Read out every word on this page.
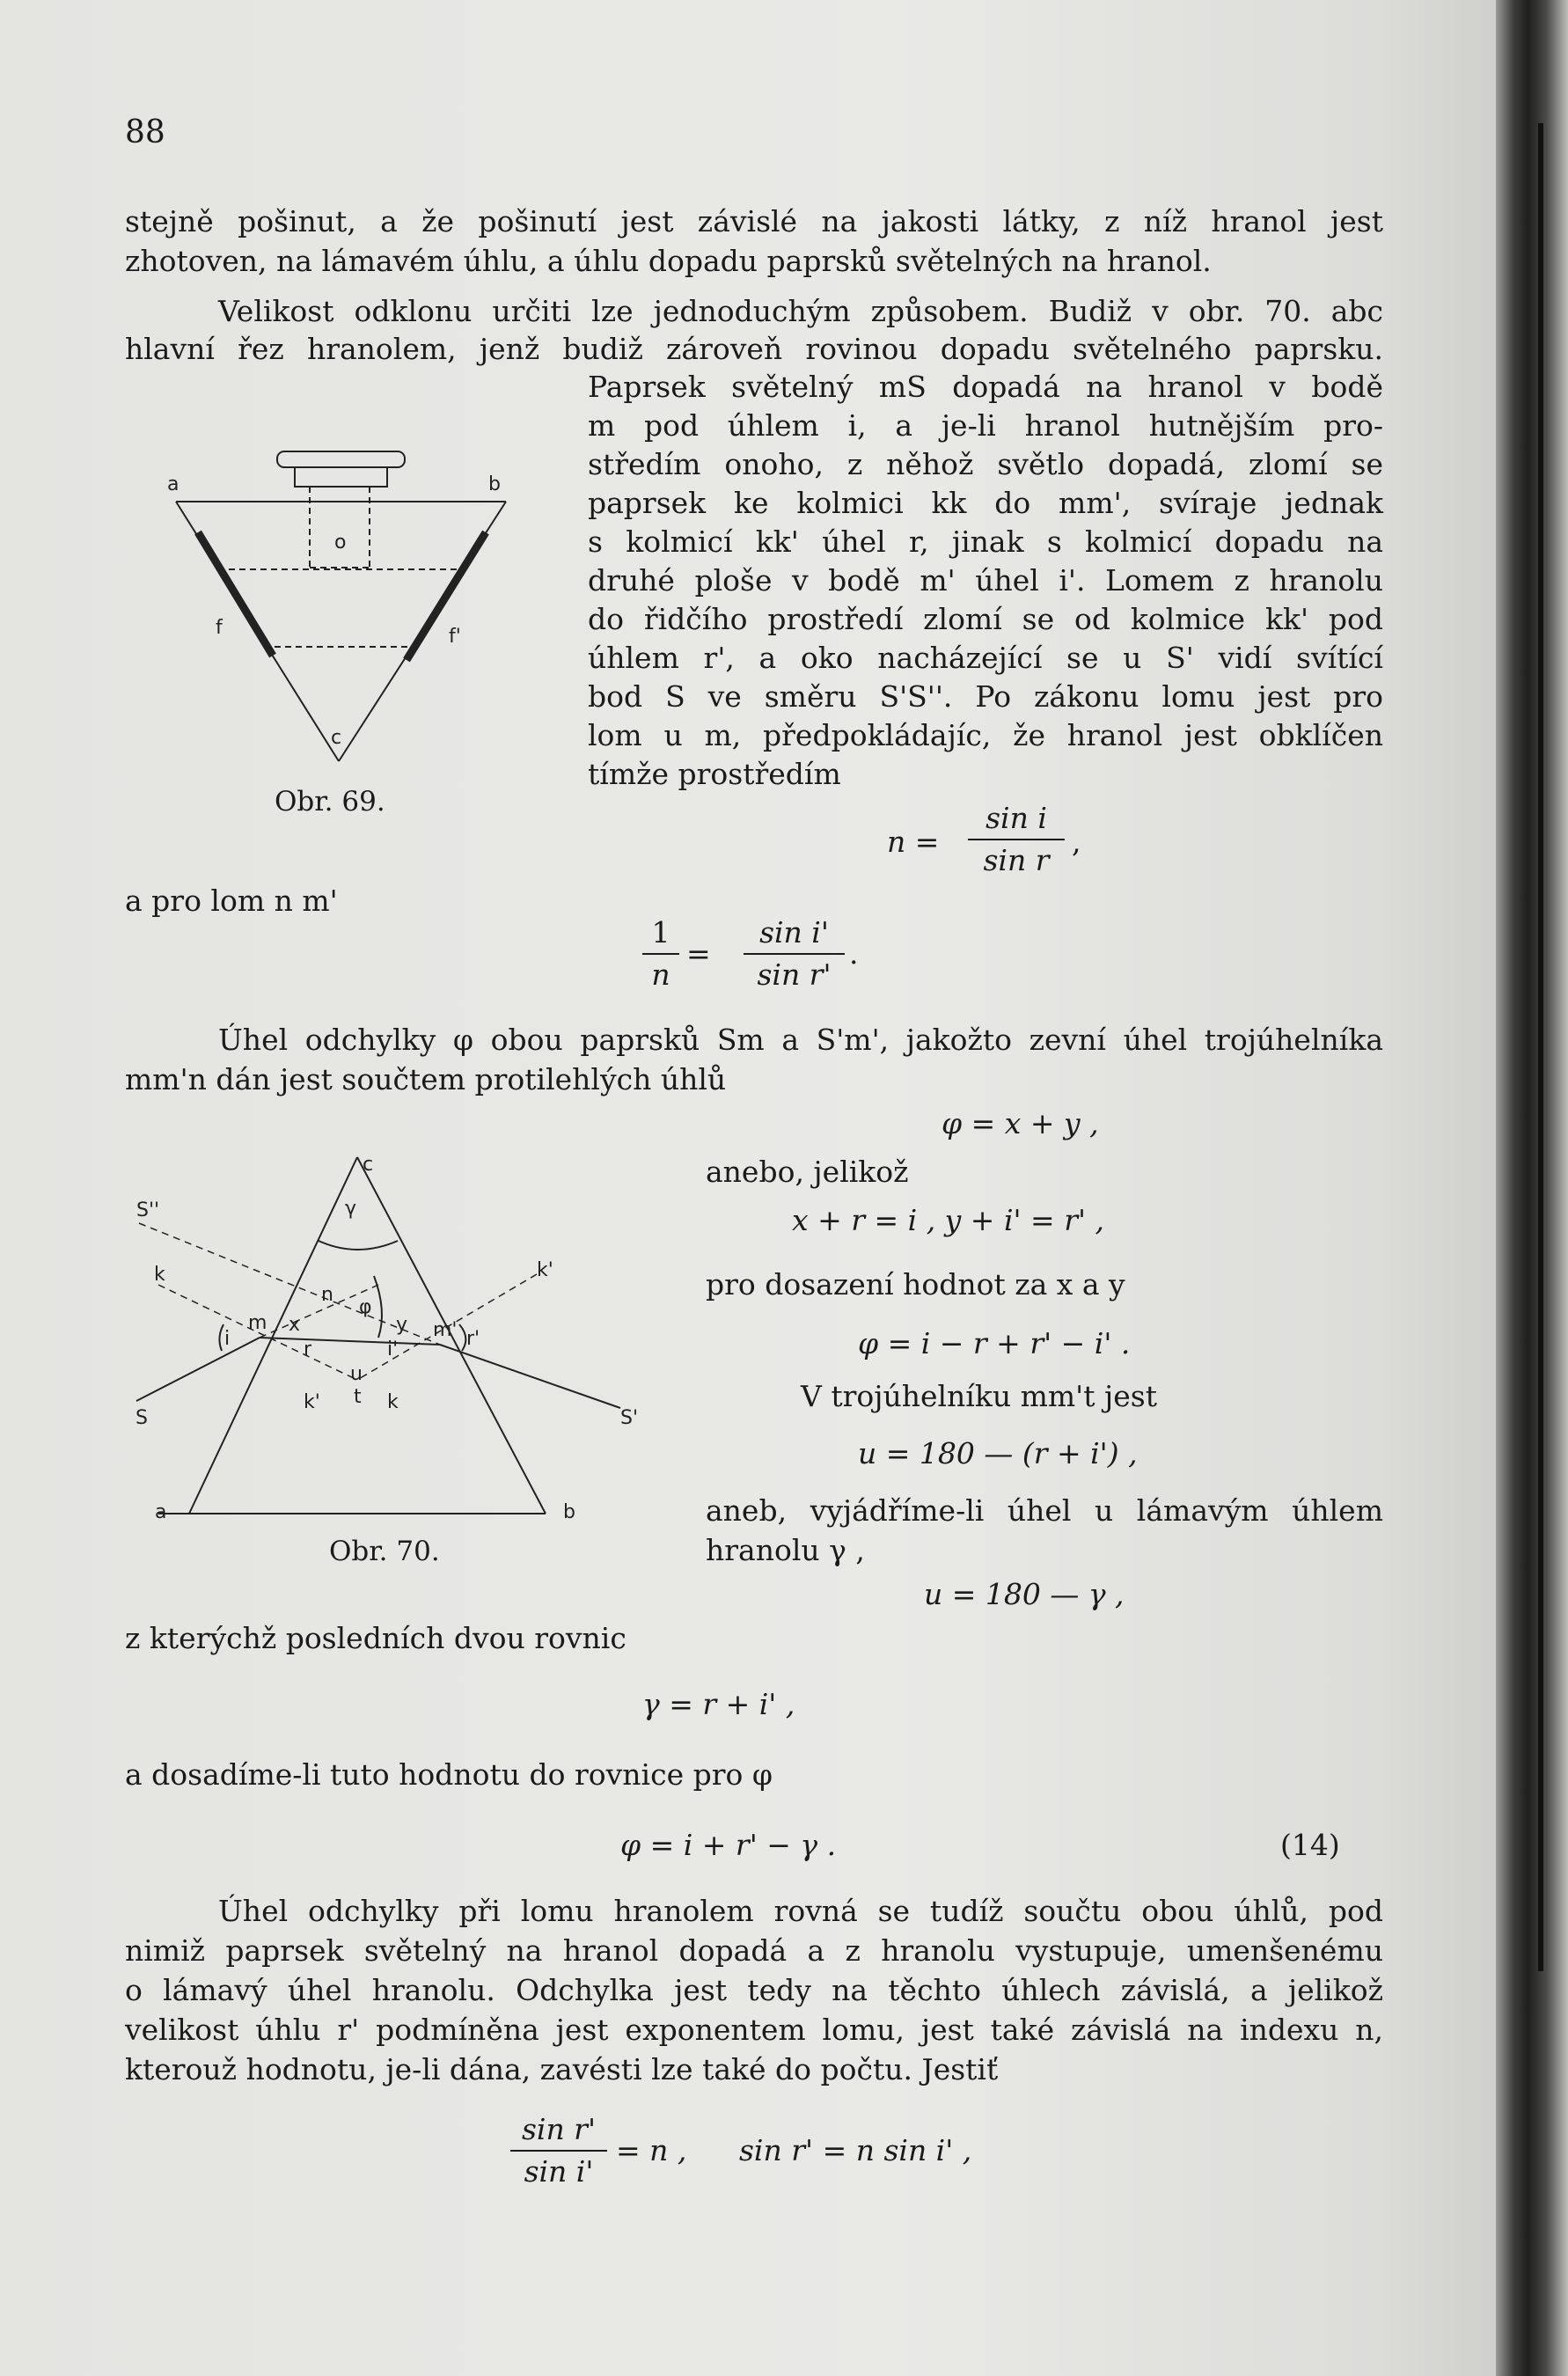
88
stejně pošinut, a že pošinutí jest závislé na jakosti látky, z níž hranol jest
zhotoven, na lámavém úhlu, a úhlu dopadu paprsků světelných na hranol.
Velikost odklonu určiti lze jednoduchým způsobem. Budiž v obr. 70. abc
hlavní řez hranolem, jenž budiž zároveň rovinou dopadu světelného paprsku.
Paprsek světelný mS dopadá na hranol v bodě
m pod úhlem i, a je-li hranol hutnějším pro-
středím onoho, z něhož světlo dopadá, zlomí se
paprsek ke kolmici kk do mm', svíraje jednak
s kolmicí kk' úhel r, jinak s kolmicí dopadu na
druhé ploše v bodě m' úhel i'. Lomem z hranolu
do řidčího prostředí zlomí se od kolmice kk' pod
úhlem r', a oko nacházející se u S' vidí svítící
bod S ve směru S'S''. Po zákonu lomu jest pro
lom u m, předpokládajíc, že hranol jest obklíčen
tímže prostředím
a	b
o
f	f'
c
Obr. 69.
n =
sin i
sin r
,
a pro lom n m'
1
n
=
sin i'
sin r'
.
Úhel odchylky φ obou paprsků Sm a S'm', jakožto zevní úhel trojúhelníka
mm'n dán jest součtem protilehlých úhlů
c
γ
S''
k	k'
n
φ
m x	y m'
i	r	i'	r'
u
k' t k
S	S'
a	b
Obr. 70.
φ = x + y ,
anebo, jelikož
x + r = i , y + i' = r' ,
pro dosazení hodnot za x a y
φ = i − r + r' − i' .
V trojúhelníku mm't jest
u = 180 — (r + i') ,
aneb, vyjádříme-li úhel u lámavým úhlem
hranolu γ ,
u = 180 — γ ,
z kterýchž posledních dvou rovnic
γ = r + i' ,
a dosadíme-li tuto hodnotu do rovnice pro φ
φ = i + r' − γ .	(14)
Úhel odchylky při lomu hranolem rovná se tudíž součtu obou úhlů, pod
nimiž paprsek světelný na hranol dopadá a z hranolu vystupuje, umenšenému
o lámavý úhel hranolu. Odchylka jest tedy na těchto úhlech závislá, a jelikož
velikost úhlu r' podmíněna jest exponentem lomu, jest také závislá na indexu n,
kterouž hodnotu, je-li dána, zavésti lze také do počtu. Jestiť
sin r'
sin i'
= n , sin r' = n sin i' ,
